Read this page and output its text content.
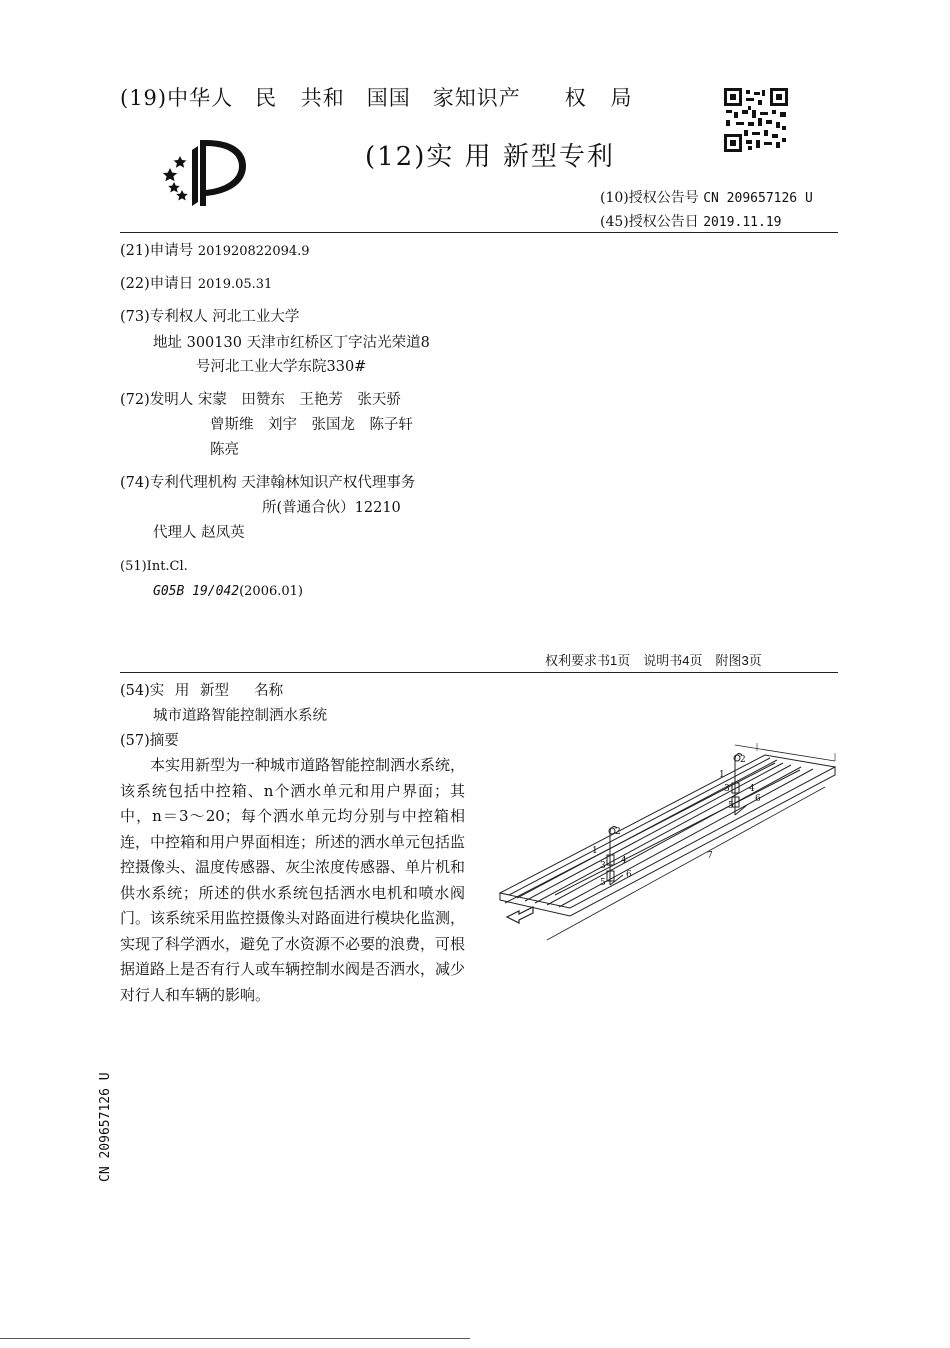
(19)中华人　民 共和　国国　家知识产　　权 局
(12)实 用 新型专利
(10)授权公告号 CN 209657126 U
(45)授权公告日 2019.11.19
(21)申请号 201920822094.9
(22)申请日 2019.05.31
(73)专利权人 河北工业大学
地址 300130 天津市红桥区丁字沽光荣道8
号河北工业大学东院330#
(72)发明人 宋蒙　田赞东　王艳芳　张天骄
曾斯维　刘宇　张国龙　陈子轩
陈亮
(74)专利代理机构 天津翰林知识产权代理事务
所(普通合伙）12210
代理人 赵凤英
(51)Int.Cl.
G05B 19/042(2006.01)
权利要求书1页　说明书4页　附图3页
(54)实 用 新型　 名称
城市道路智能控制洒水系统
(57)摘要
本实用新型为一种城市道路智能控制洒水系统，该系统包括中控箱、n个洒水单元和用户界面；其中，n＝3～20；每个洒水单元均分别与中控箱相连，中控箱和用户界面相连；所述的洒水单元包括监控摄像头、温度传感器、灰尘浓度传感器、单片机和供水系统；所述的供水系统包括洒水电机和喷水阀门。该系统采用监控摄像头对路面进行模块化监测，实现了科学洒水，避免了水资源不必要的浪费，可根据道路上是否有行人或车辆控制水阀是否洒水，减少对行人和车辆的影响。
1
2
3 4
5
6
1
2
3 4
5
6
7
CN 209657126 U
